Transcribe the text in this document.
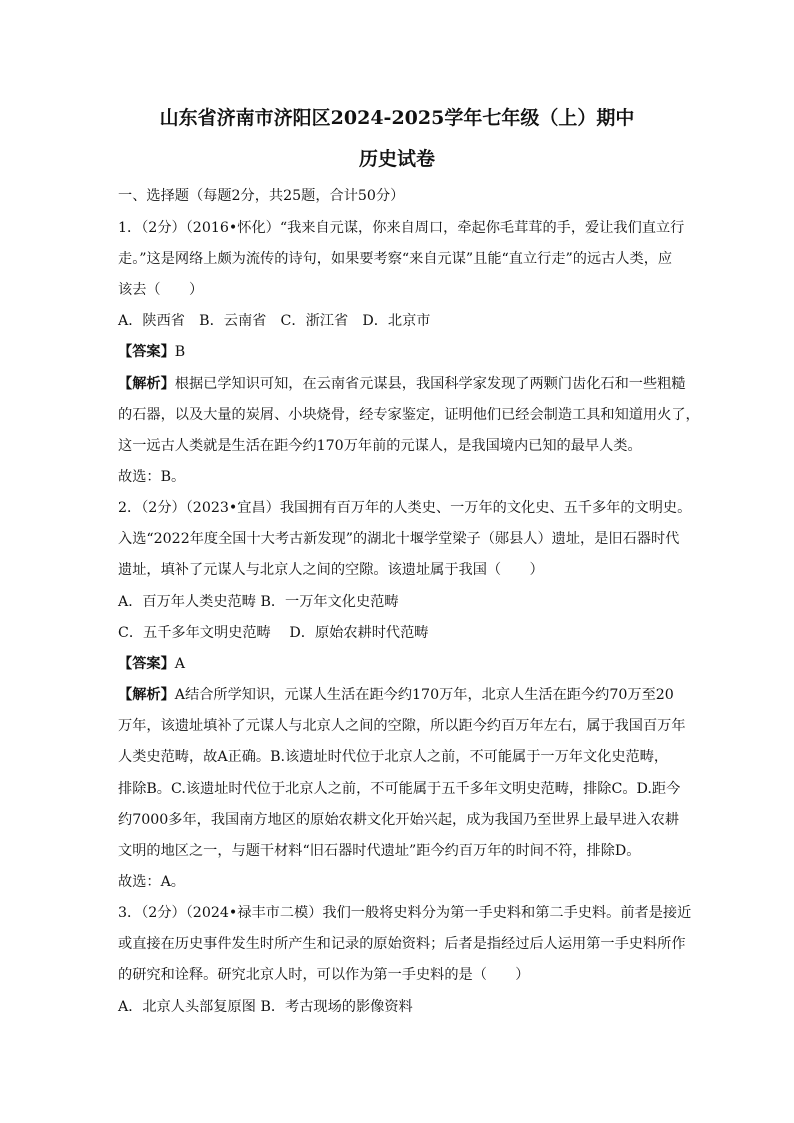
山东省济南市济阳区2024-2025学年七年级（上）期中
历史试卷
一、选择题（每题2分，共25题，合计50分）
1．（2分）（2016•怀化）“我来自元谋，你来自周口，牵起你毛茸茸的手，爱让我们直立行
走。”这是网络上颇为流传的诗句，如果要考察“来自元谋”且能“直立行走”的远古人类，应
该去（　　）
A．陕西省　B．云南省　C．浙江省　D．北京市
【答案】B
【解析】根据已学知识可知，在云南省元谋县，我国科学家发现了两颗门齿化石和一些粗糙
的石器，以及大量的炭屑、小块烧骨，经专家鉴定，证明他们已经会制造工具和知道用火了，
这一远古人类就是生活在距今约170万年前的元谋人，是我国境内已知的最早人类。
故选：B。
2．（2分）（2023•宜昌）我国拥有百万年的人类史、一万年的文化史、五千多年的文明史。
入选“2022年度全国十大考古新发现”的湖北十堰学堂梁子（郧县人）遗址，是旧石器时代
遗址，填补了元谋人与北京人之间的空隙。该遗址属于我国（　　）
A．百万年人类史范畴 B．一万年文化史范畴
C．五千多年文明史范畴　 D．原始农耕时代范畴
【答案】A
【解析】A结合所学知识，元谋人生活在距今约170万年，北京人生活在距今约70万至20
万年，该遗址填补了元谋人与北京人之间的空隙，所以距今约百万年左右，属于我国百万年
人类史范畴，故A正确。B.该遗址时代位于北京人之前，不可能属于一万年文化史范畴，
排除B。C.该遗址时代位于北京人之前，不可能属于五千多年文明史范畴，排除C。D.距今
约7000多年，我国南方地区的原始农耕文化开始兴起，成为我国乃至世界上最早进入农耕
文明的地区之一，与题干材料“旧石器时代遗址”距今约百万年的时间不符，排除D。
故选：A。
3．（2分）（2024•禄丰市二模）我们一般将史料分为第一手史料和第二手史料。前者是接近
或直接在历史事件发生时所产生和记录的原始资料；后者是指经过后人运用第一手史料所作
的研究和诠释。研究北京人时，可以作为第一手史料的是（　　）
A．北京人头部复原图 B．考古现场的影像资料
